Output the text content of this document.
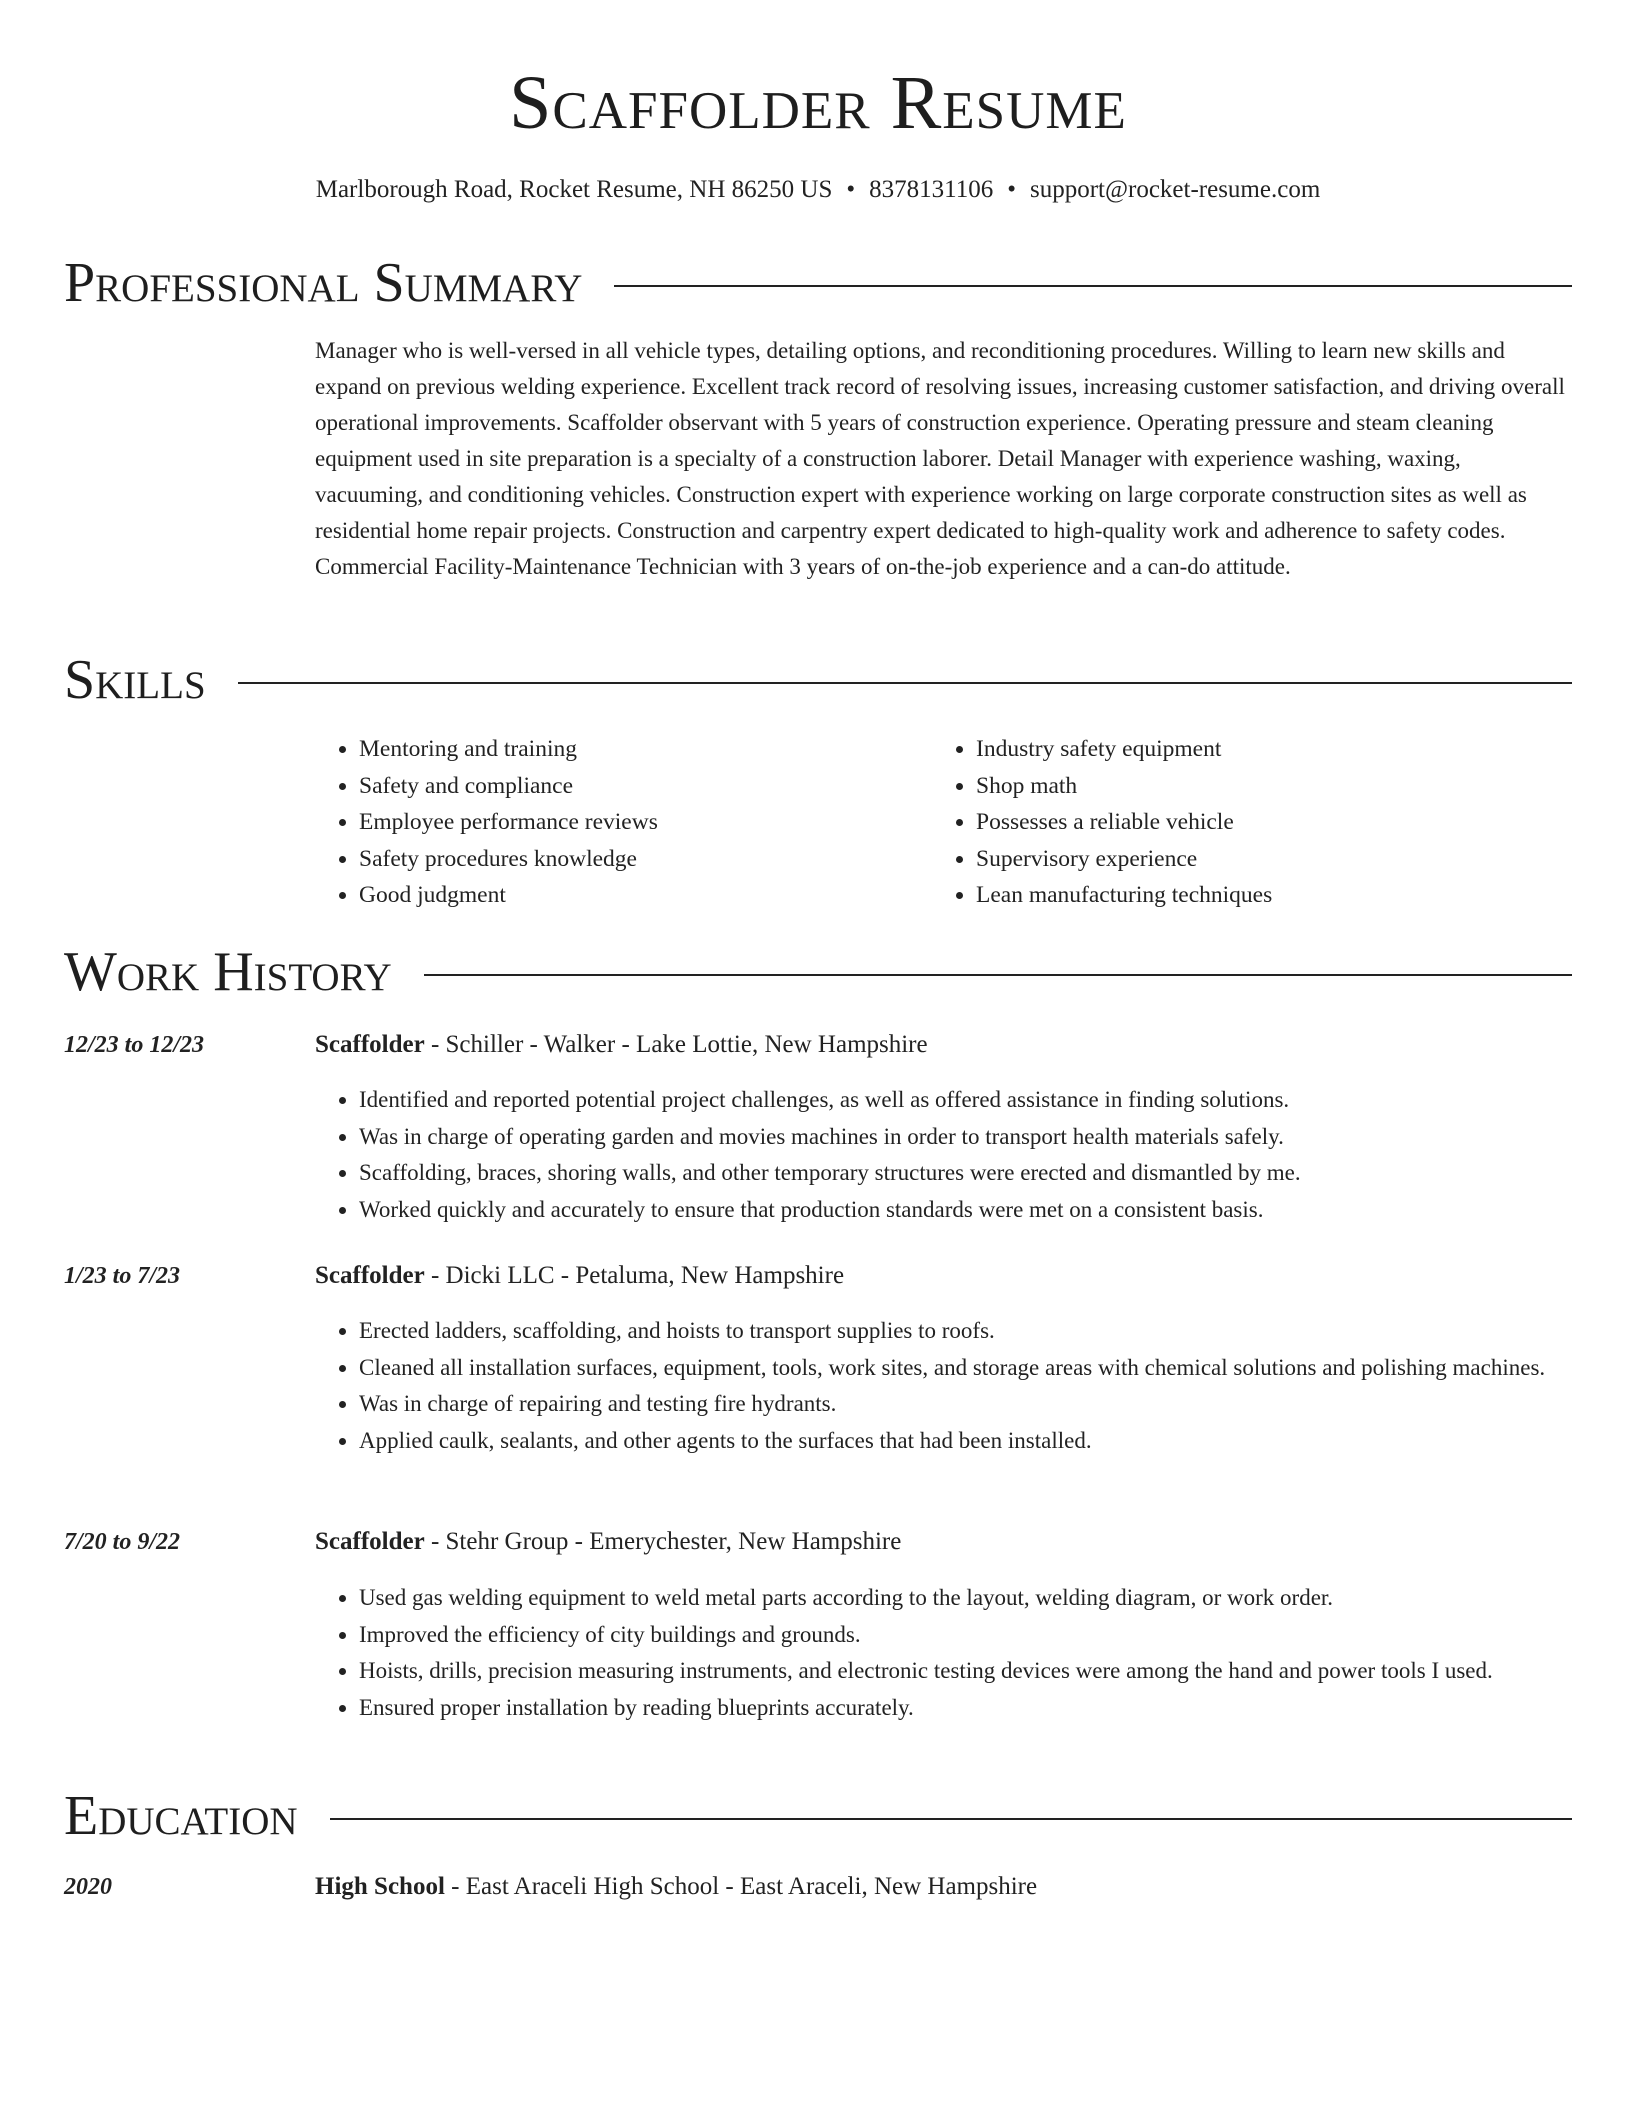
Scaffolder Resume
Marlborough Road, Rocket Resume, NH 86250 US • 8378131106 • support@rocket-resume.com
Professional Summary

Manager who is well-versed in all vehicle types, detailing options, and reconditioning procedures. Willing to learn new skills and expand on previous welding experience. Excellent track record of resolving issues, increasing customer satisfaction, and driving overall operational improvements. Scaffolder observant with 5 years of construction experience. Operating pressure and steam cleaning equipment used in site preparation is a specialty of a construction laborer. Detail Manager with experience washing, waxing, vacuuming, and conditioning vehicles. Construction expert with experience working on large corporate construction sites as well as residential home repair projects. Construction and carpentry expert dedicated to high-quality work and adherence to safety codes. Commercial Facility-Maintenance Technician with 3 years of on-the-job experience and a can-do attitude.

Skills
• Mentoring and training
• Safety and compliance
• Employee performance reviews
• Safety procedures knowledge
• Good judgment
• Industry safety equipment
• Shop math
• Possesses a reliable vehicle
• Supervisory experience
• Lean manufacturing techniques
Work History
12/23 to 12/23	Scaffolder - Schiller - Walker - Lake Lottie, New Hampshire
• Identified and reported potential project challenges, as well as offered assistance in finding solutions.
• Was in charge of operating garden and movies machines in order to transport health materials safely.
• Scaffolding, braces, shoring walls, and other temporary structures were erected and dismantled by me.
• Worked quickly and accurately to ensure that production standards were met on a consistent basis.
1/23 to 7/23	Scaffolder - Dicki LLC - Petaluma, New Hampshire
• Erected ladders, scaffolding, and hoists to transport supplies to roofs.
• Cleaned all installation surfaces, equipment, tools, work sites, and storage areas with chemical solutions and polishing machines.
• Was in charge of repairing and testing fire hydrants.
• Applied caulk, sealants, and other agents to the surfaces that had been installed.
7/20 to 9/22	Scaffolder - Stehr Group - Emerychester, New Hampshire
• Used gas welding equipment to weld metal parts according to the layout, welding diagram, or work order.
• Improved the efficiency of city buildings and grounds.
• Hoists, drills, precision measuring instruments, and electronic testing devices were among the hand and power tools I used.
• Ensured proper installation by reading blueprints accurately.
Education
2020	High School - East Araceli High School - East Araceli, New Hampshire
